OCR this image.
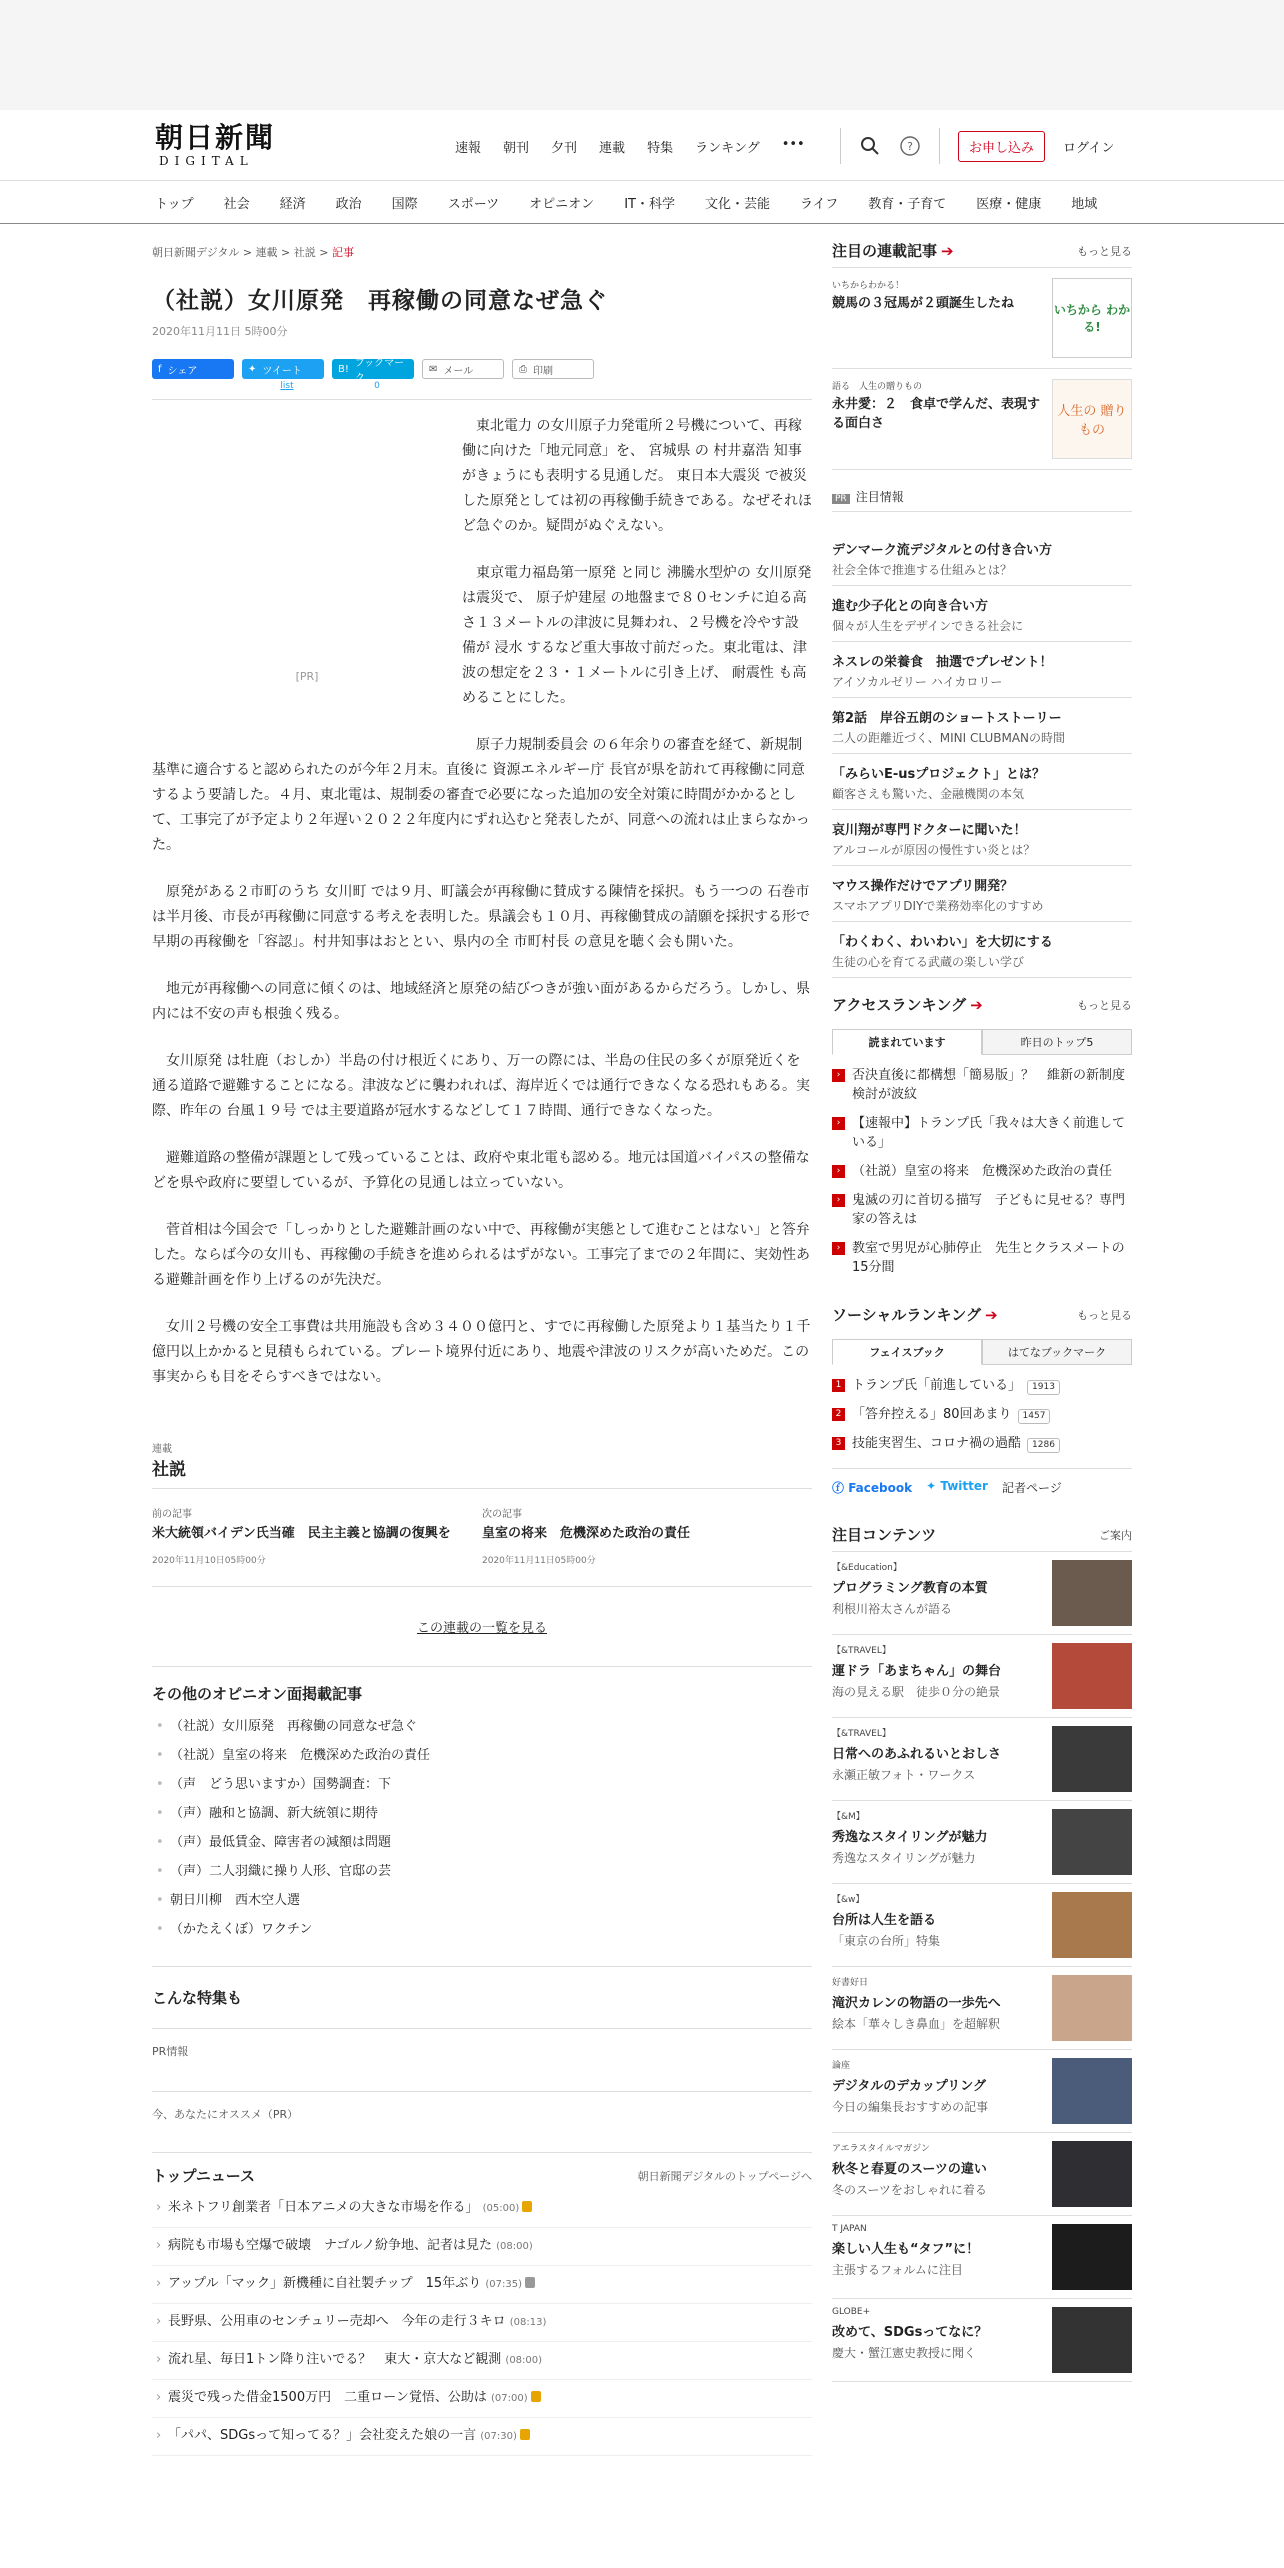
朝日新聞
DIGITAL
速報 朝刊 夕刊 連載 特集 ランキング •••	?	お申し込み	ログイン
トップ 社会 経済 政治 国際 スポーツ オピニオン IT・科学 文化・芸能 ライフ 教育・子育て 医療・健康 地域
朝日新聞デジタル > 連載 > 社説 > 記事
（社説）女川原発　再稼働の同意なぜ急ぐ
2020年11月11日 5時00分
f シェア	✦ ツイート	B! ブックマーク
✉ メール	⎙ 印刷
list	0
[PR]

東北電力 の女川原子力発電所２号機について、再稼働に向けた「地元同意」を、 宮城県 の 村井嘉浩 知事がきょうにも表明する見通しだ。 東日本大震災 で被災した原発としては初の再稼働手続きである。なぜそれほど急ぐのか。疑問がぬぐえない。

東京電力福島第一原発 と同じ 沸騰水型炉の 女川原発 は震災で、 原子炉建屋 の地盤まで８０センチに迫る高さ１３メートルの津波に見舞われ、２号機を冷やす設備が 浸水 するなど重大事故寸前だった。東北電は、津波の想定を２３・１メートルに引き上げ、 耐震性 も高めることにした。

原子力規制委員会 の６年余りの審査を経て、新規制基準に適合すると認められたのが今年２月末。直後に 資源エネルギー庁 長官が県を訪れて再稼働に同意するよう要請した。４月、東北電は、規制委の審査で必要になった追加の安全対策に時間がかかるとして、工事完了が予定より２年遅い２０２２年度内にずれ込むと発表したが、同意への流れは止まらなかった。

原発がある２市町のうち 女川町 では９月、町議会が再稼働に賛成する陳情を採択。もう一つの 石巻市 は半月後、市長が再稼働に同意する考えを表明した。県議会も１０月、再稼働賛成の請願を採択する形で早期の再稼働を「容認」。村井知事はおととい、県内の全 市町村長 の意見を聴く会も開いた。

地元が再稼働への同意に傾くのは、地域経済と原発の結びつきが強い面があるからだろう。しかし、県内には不安の声も根強く残る。

女川原発 は牡鹿（おしか）半島の付け根近くにあり、万一の際には、半島の住民の多くが原発近くを通る道路で避難することになる。津波などに襲われれば、海岸近くでは通行できなくなる恐れもある。実際、昨年の 台風１９号 では主要道路が冠水するなどして１７時間、通行できなくなった。

避難道路の整備が課題として残っていることは、政府や東北電も認める。地元は国道バイパスの整備などを県や政府に要望しているが、予算化の見通しは立っていない。

菅首相は今国会で「しっかりとした避難計画のない中で、再稼働が実態として進むことはない」と答弁した。ならば今の女川も、再稼働の手続きを進められるはずがない。工事完了までの２年間に、実効性ある避難計画を作り上げるのが先決だ。

女川２号機の安全工事費は共用施設も含め３４００億円と、すでに再稼働した原発より１基当たり１千億円以上かかると見積もられている。プレート境界付近にあり、地震や津波のリスクが高いためだ。この事実からも目をそらすべきではない。

連載
社説
前の記事
米大統領バイデン氏当確　民主主義と協調の復興を
2020年11月10日05時00分
次の記事
皇室の将来　危機深めた政治の責任
2020年11月11日05時00分
この連載の一覧を見る
その他のオピニオン面掲載記事
• （社説）女川原発　再稼働の同意なぜ急ぐ
• （社説）皇室の将来　危機深めた政治の責任
• （声　どう思いますか）国勢調査：下
• （声）融和と協調、新大統領に期待
• （声）最低賃金、障害者の減額は問題
• （声）二人羽織に操り人形、官邸の芸
• 朝日川柳　西木空人選
• （かたえくぼ）ワクチン
こんな特集も
PR情報
今、あなたにオススメ（PR）
トップニュース	朝日新聞デジタルのトップページへ
› 米ネトフリ創業者「日本アニメの大きな市場を作る」 (05:00)
› 病院も市場も空爆で破壊　ナゴルノ紛争地、記者は見た (08:00)
› アップル「マック」新機種に自社製チップ　15年ぶり (07:35)
› 長野県、公用車のセンチュリー売却へ　今年の走行３キロ (08:13)
› 流れ星、毎日1トン降り注いでる？　東大・京大など観測 (08:00)
› 震災で残った借金1500万円　二重ローン覚悟、公助は (07:00)
› 「パパ、SDGsって知ってる？」会社変えた娘の一言 (07:30)
注目の連載記事 ➔	もっと見る
いちからわかる！
競馬の３冠馬が２頭誕生したね	いちから わかる!
語る　人生の贈りもの
永井愛：２　食卓で学んだ、表現する面白さ
人生の 贈りもの
PR 注目情報
デンマーク流デジタルとの付き合い方
社会全体で推進する仕組みとは？
進む少子化との向き合い方
個々が人生をデザインできる社会に
ネスレの栄養食　抽選でプレゼント！
アイソカルゼリー ハイカロリー
第2話　岸谷五朗のショートストーリー
二人の距離近づく、MINI CLUBMANの時間
「みらいE-usプロジェクト」とは？
顧客さえも驚いた、金融機関の本気
哀川翔が専門ドクターに聞いた！
アルコールが原因の慢性すい炎とは？
マウス操作だけでアプリ開発？
スマホアプリDIYで業務効率化のすすめ
「わくわく、わいわい」を大切にする
生徒の心を育てる武蔵の楽しい学び
アクセスランキング ➔	もっと見る
読まれています	昨日のトップ5
› 否決直後に都構想「簡易版」？　維新の新制度検討が波紋
› 【速報中】トランプ氏「我々は大きく前進している」
› （社説）皇室の将来　危機深めた政治の責任
› 鬼滅の刃に首切る描写　子どもに見せる？専門家の答えは
› 教室で男児が心肺停止　先生とクラスメートの15分間
ソーシャルランキング ➔	もっと見る
フェイスブック	はてなブックマーク
1 トランプ氏「前進している」 1913
2 「答弁控える」80回あまり 1457
3 技能実習生、コロナ禍の過酷 1286
ⓕ Facebook ✦ Twitter 記者ページ
注目コンテンツ	ご案内
【&Education】
プログラミング教育の本質
利根川裕太さんが語る
【&TRAVEL】
運ドラ「あまちゃん」の舞台
海の見える駅　徒歩０分の絶景
【&TRAVEL】
日常へのあふれるいとおしさ
永瀬正敏フォト・ワークス
【&M】
秀逸なスタイリングが魅力
秀逸なスタイリングが魅力
【&w】
台所は人生を語る
「東京の台所」特集
好書好日
滝沢カレンの物語の一歩先へ
絵本「華々しき鼻血」を超解釈
論座
デジタルのデカップリング
今日の編集長おすすめの記事
アエラスタイルマガジン
秋冬と春夏のスーツの違い
冬のスーツをおしゃれに着る
T JAPAN
楽しい人生も“タフ”に！
主張するフォルムに注目
GLOBE+
改めて、SDGsってなに？
慶大・蟹江憲史教授に聞く
